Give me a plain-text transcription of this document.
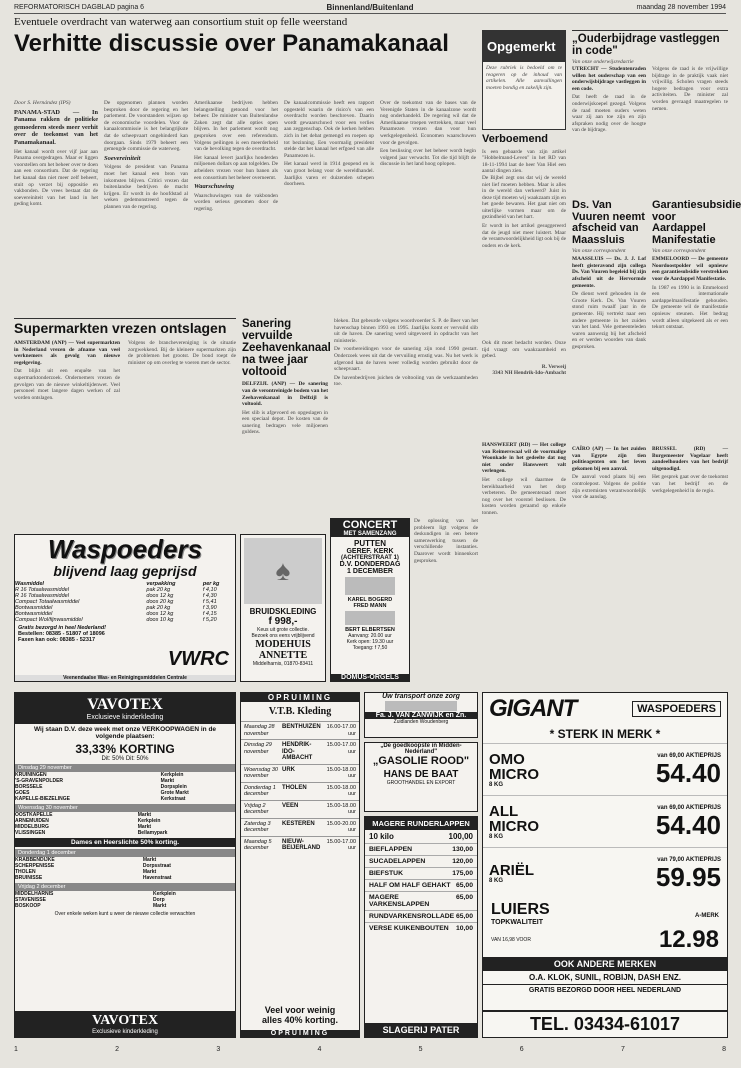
REFORMATORISCH DAGBLAD pagina 6	Binnenland/Buitenland	maandag 28 november 1994
Eventuele overdracht van waterweg aan consortium stuit op felle weerstand
Verhitte discussie over Panamakanaal

Door S. Hernández (IPS)

PANAMA-STAD — In Panama rakken de politieke gemoederen steeds meer verhit over de toekomst van het Panamakanaal.

Het kanaal wordt over vijf jaar aan Panama overgedragen. Maar er liggen voorstellen om het beheer over te doen aan een consortium. Dat de regering het kanaal dan niet meer zelf beheert, stuit op verzet bij oppositie en vakbonden. De vrees bestaat dat de soevereiniteit van het land in het geding komt.

De opgenomen plannen worden besproken door de regering en het parlement. De voorstanders wijzen op de economische voordelen. Voor de kanaalcommissie is het belangrijkste dat de scheepvaart ongehinderd kan doorgaan. Sinds 1979 beheert een gemengde commissie de waterweg.

Soevereiniteit

Volgens de president van Panama moet het kanaal een bron van inkomsten blijven. Critici vrezen dat buitenlandse bedrijven de macht krijgen. Er wordt in de hoofdstad al weken gedemonstreerd tegen de plannen van de regering.

Amerikaanse bedrijven hebben belangstelling getoond voor het beheer. De minister van Buitenlandse Zaken zegt dat alle opties open blijven. In het parlement wordt nog gesproken over een referendum. Volgens peilingen is een meerderheid van de bevolking tegen de overdracht.

Het kanaal levert jaarlijks honderden miljoenen dollars op aan tolgelden. De arbeiders vrezen voor hun banen als een consortium het beheer overneemt.

Waarschuwing

Waarschuwingen van de vakbonden worden serieus genomen door de regering.

De kanaalcommissie heeft een rapport opgesteld waarin de risico's van een overdracht worden beschreven. Daarin wordt gewaarschuwd voor een verlies aan zeggenschap. Ook de kerken hebben zich in het debat gemengd en roepen op tot bezinning. Een voormalig president stelde dat het kanaal het erfgoed van alle Panamezen is.

Het kanaal werd in 1914 geopend en is van groot belang voor de wereldhandel. Jaarlijks varen er duizenden schepen doorheen.

Over de toekomst van de bases van de Verenigde Staten in de kanaalzone wordt nog onderhandeld. De regering wil dat de Amerikaanse troepen vertrekken, maar veel Panamezen vrezen dan voor hun werkgelegenheid. Economen waarschuwen voor de gevolgen.

Een beslissing over het beheer wordt begin volgend jaar verwacht. Tot die tijd blijft de discussie in het land hoog oplopen.

Opgemerkt
Deze rubriek is bedoeld om te reageren op de inhoud van artikelen. Alle aanvullingen moeten bondig en zakelijk zijn.
Verboemend
Is een gebaarde van zijn artikel "Hobbelmand-Leven" in het RD van 18-11-1994 laat de heer Van Hiel een aantal dingen zien.

De Bijbel zegt ons dat wij de wereld niet lief moeten hebben. Maar is alles in de wereld dan verkeerd? Juist in deze tijd moeten wij waakzaam zijn en het goede bewaren. Het gaat niet om uiterlijke vormen maar om de gezindheid van het hart.

Er wordt in het artikel gesuggereerd dat de jeugd niet meer luistert. Maar de verantwoordelijkheid ligt ook bij de ouders en de kerk.

„Ouderbijdrage vastleggen in code"
Van onze onderwijsredactie

UTRECHT — Studentenraden willen het ouderschap van een onderwijsbijdrage vastleggen in een code.

Dat heeft de raad in de onderwijskoepel gezegd. Volgens de raad moeten ouders weten waar zij aan toe zijn en zijn afspraken nodig over de hoogte van de bijdrage.

Volgens de raad is de vrijwillige bijdrage in de praktijk vaak niet vrijwillig. Scholen vragen steeds hogere bedragen voor extra activiteiten. De minister zal worden gevraagd maatregelen te nemen.

Ds. Van Vuuren neemt afscheid van Maassluis
Van onze correspondent

MAASSLUIS — Ds. J. J. Lof heeft gisteravond zijn collega Ds. Van Vuuren begeleid bij zijn afscheid uit de Hervormde gemeente.

De dienst werd gehouden in de Groote Kerk. Ds. Van Vuuren stond ruim twaalf jaar in de gemeente. Hij vertrekt naar een andere gemeente in het zuiden van het land. Vele gemeenteleden waren aanwezig bij het afscheid en er werden woorden van dank gesproken.

Garantiesubsidie voor Aardappel Manifestatie
Van onze correspondent

EMMELOORD — De gemeente Noordoostpolder wil opnieuw een garantiesubsidie verstrekken voor de Aardappel Manifestatie.

In 1987 en 1990 is in Emmeloord een internationale aardappelmanifestatie gehouden. De gemeente wil de manifestatie opnieuw steunen. Het bedrag wordt alleen uitgekeerd als er een tekort ontstaat.

Supermarkten vrezen ontslagen

AMSTERDAM (ANP) — Veel supermarkten in Nederland vrezen de afname van veel werknemers als gevolg van nieuwe regelgeving.

Dat blijkt uit een enquête van het supermarktonderzoek. Ondernemers vrezen de gevolgen van de nieuwe winkeltijdenwet. Veel personeel moet langere dagen werken of zal worden ontslagen.

Volgens de branchevereniging is de situatie zorgwekkend. Bij de kleinere supermarkten zijn de problemen het grootst. De bond roept de minister op om overleg te voeren met de sector.

Sanering vervuilde Zeehavenkanaal na twee jaar voltooid

DELFZIJL (ANP) — De sanering van de verontreinigde bodem van het Zeehavenkanaal in Delfzijl is voltooid.

Het slib is afgevoerd en opgeslagen in een speciaal depot. De kosten van de sanering bedragen vele miljoenen guldens.

bleken. Dat gebeurde volgens woordvoerder S. P. de Beer van het havenschap binnen 1993 en 1995. Jaarlijks komt er vervuild slib uit de haven. De sanering werd uitgevoerd in opdracht van het ministerie.

De voorbereidingen voor de sanering zijn rond 1990 gestart. Onderzoek wees uit dat de vervuiling ernstig was. Nu het werk is afgerond kan de haven weer volledig worden gebruikt door de scheepvaart.

De havenbedrijven juichen de voltooiing van de werkzaamheden toe.

HANSWEERT (RD) — Het college van Reimerswaal wil de voormalige Woonkade in het gedeelte dat nog niet onder Hansweert valt verlengen.

Het college wil daarmee de bereikbaarheid van het dorp verbeteren. De gemeenteraad moet nog over het voorstel beslissen. De kosten worden geraamd op enkele tonnen.

Ook dit moet bedacht worden. Onze tijd vraagt om waakzaamheid en gebed.

R. Verweij
3343 NH Hendrik-Ido-Ambacht

CAÏRO (AP) — In het zuiden van Egypte zijn tien politieagenten om het leven gekomen bij een aanval.

De aanval vond plaats bij een controlepost. Volgens de politie zijn extremisten verantwoordelijk voor de aanslag.

BRUSSEL (RD) — Burgemeester Vogelaar heeft aandeelhouders van het bedrijf uitgenodigd.

Het gesprek gaat over de toekomst van het bedrijf en de werkgelegenheid in de regio.

Waspoeders
blijvend laag geprijsd
Wasmiddel	verpakking	per kg
R 16 Totaalwasmiddel	pak 20 kg	f 4,10
R 16 Totaalwasmiddel	doos 12 kg	f 4,30
Compact Totaalwasmiddel	doos 20 kg	f 5,41
Bontwasmiddel	pak 20 kg	f 3,90
Bontwasmiddel	doos 12 kg	f 4,15
Compact Wol/fijnwasmiddel	doos 10 kg	f 5,20
Gratis bezorgd in heel Nederland!
Bestellen: 08385 - 51807 of 18096
Faxen kan ook: 08385 - 52317
VWRC
Veenendaalse Was- en Reinigingsmiddelen Centrale
♠
BRUIDSKLEDING
f 998,-
Keus uit grote collectie.
Bezoek ons eens vrijblijvend
MODEHUIS
ANNETTE
Middelharnis, 01870-83411
CONCERT
MET SAMENZANG
PUTTEN
GEREF. KERK
(ACHTERSTRAAT 1)
D.V. DONDERDAG
1 DECEMBER
KAREL BOGERD
FRED MANN
BERT ELBERTSEN
Aanvang: 20.00 uur
Kerk open: 19.30 uur
Toegang: f 7,50
DOMUS-ORGELS

De oplossing van het probleem ligt volgens de deskundigen in een betere samenwerking tussen de verschillende instanties. Daarover wordt binnenkort gesproken.

VAVOTEX
Exclusieve kinderkleding
Wij staan D.V. deze week met onze VERKOOPWAGEN in de volgende plaatsen:
33,33% KORTING
Dit: 50% Dit: 50%
Dinsdag 29 november
KRUININGEN	Kerkplein
'S-GRAVENPOLDER	Markt
BORSSELE	Dorpsplein
GOES	Grote Markt
KAPELLE-BIEZELINGE	Kerkstraat
Woensdag 30 november
OOSTKAPELLE	Markt
ARNEMUIDEN	Kerkplein
MIDDELBURG	Markt
VLISSINGEN	Bellamypark
Dames en Heerslichte 50% korting.
Donderdag 1 december
KRABBENDIJKE	Markt
SCHERPENISSE	Dorpsstraat
THOLEN	Markt
BRUINISSE	Havenstraat
Vrijdag 2 december
MIDDELHARNIS	Kerkplein
STAVENISSE	Dorp
BOSKOOP	Markt
Over enkele weken kunt u weer de nieuwe collectie verwachten
VAVOTEX
Exclusieve kinderkleding
OPRUIMING
V.T.B. Kleding
Maandag 28 november
BENTHUIZEN	16.00-17.00 uur
Dinsdag 29 november
HENDRIK-IDO-AMBACHT
15.00-17.00 uur
Woensdag 30 november
URK	15.00-18.00 uur
Donderdag 1 december
THOLEN	15.00-18.00 uur
Vrijdag 2 december
VEEN	15.00-18.00 uur
Zaterdag 3 december
KESTEREN	15.00-20.00 uur
Maandag 5 december
NIEUW-BEIJERLAND
15.00-17.00 uur
Veel voor weinig
alles 40% korting.
OPRUIMING
Uw transport onze zorg
Fa. J. VAN ZANWIJK en Zn.
Zuidlanden Woudenberg
„De goedkoopste in Midden-Nederland"
„GASOLIE ROOD"
HANS DE BAAT
GROOTHANDEL EN EXPORT
MAGERE RUNDERLAPPEN
10 kilo	100,00
BIEFLAPPEN	130,00
SUCADELAPPEN	120,00
BIEFSTUK	175,00
HALF OM HALF GEHAKT 65,00
MAGERE VARKENSLAPPEN
65,00
RUNDVARKENSROLLADE 65,00
VERSE KUIKENBOUTEN 10,00
SLAGERIJ PATER
GIGANT	WASPOEDERS
* STERK IN MERK *
OMO
MICRO
8 KG
van 69,00 AKTIEPRIJS
54.40
ALL
MICRO
8 KG
van 69,00 AKTIEPRIJS
54.40
ARIËL
8 KG
van 79,00 AKTIEPRIJS
59.95
LUIERS
TOPKWALITEIT
A-MERK
VAN 16,98 VOOR	12.98
OOK ANDERE MERKEN
O.A. KLOK, SUNIL, ROBIJN, DASH ENZ.
GRATIS BEZORGD DOOR HEEL NEDERLAND
TEL. 03434-61017
1	2	3	4	5	6	7	8
